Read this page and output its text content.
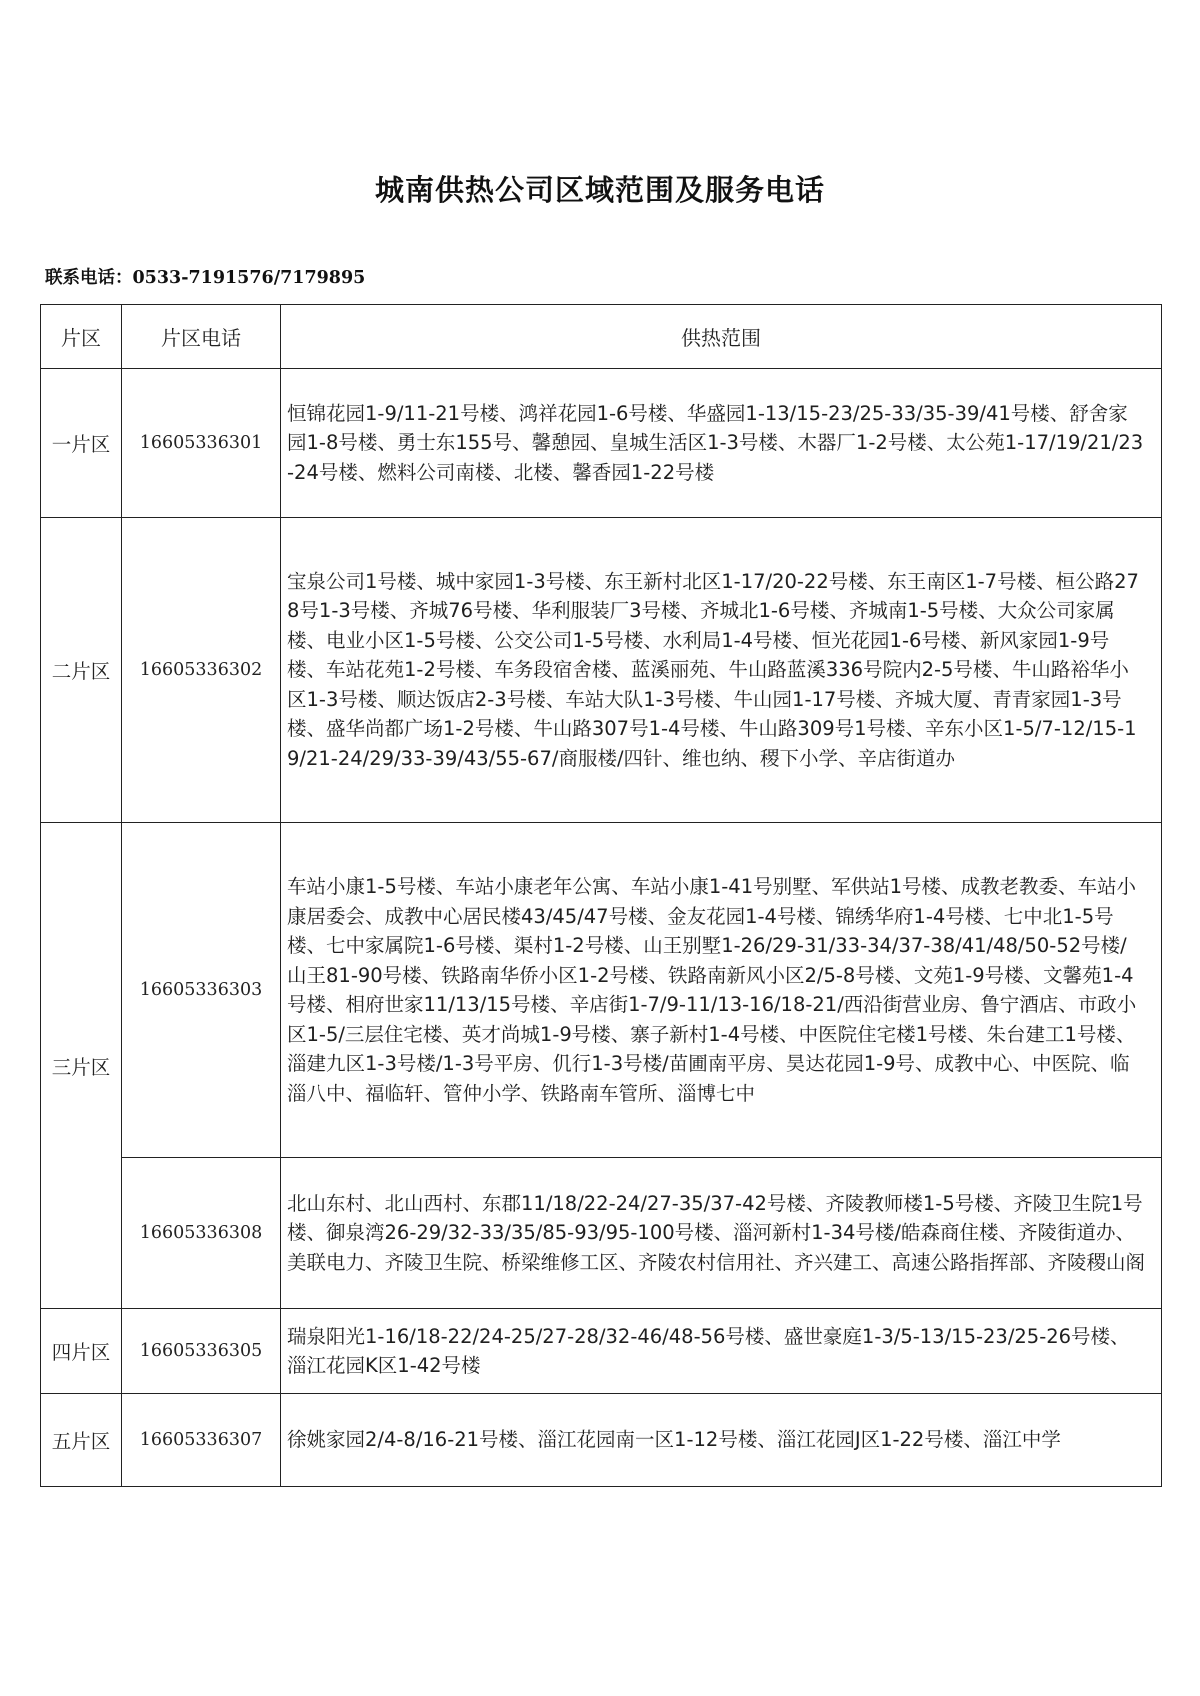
城南供热公司区域范围及服务电话
联系电话：0533-7191576/7179895
片区	片区电话	供热范围
一片区	16605336301	恒锦花园1-9/11-21号楼、鸿祥花园1-6号楼、华盛园1-13/15-23/25-33/35-39/41号楼、舒舍家园1-8号楼、勇士东155号、馨憩园、皇城生活区1-3号楼、木器厂1-2号楼、太公苑1-17/19/21/23-24号楼、燃料公司南楼、北楼、馨香园1-22号楼
二片区	16605336302	宝泉公司1号楼、城中家园1-3号楼、东王新村北区1-17/20-22号楼、东王南区1-7号楼、桓公路278号1-3号楼、齐城76号楼、华利服装厂3号楼、齐城北1-6号楼、齐城南1-5号楼、大众公司家属楼、电业小区1-5号楼、公交公司1-5号楼、水利局1-4号楼、恒光花园1-6号楼、新风家园1-9号楼、车站花苑1-2号楼、车务段宿舍楼、蓝溪丽苑、牛山路蓝溪336号院内2-5号楼、牛山路裕华小区1-3号楼、顺达饭店2-3号楼、车站大队1-3号楼、牛山园1-17号楼、齐城大厦、青青家园1-3号楼、盛华尚都广场1-2号楼、牛山路307号1-4号楼、牛山路309号1号楼、辛东小区1-5/7-12/15-19/21-24/29/33-39/43/55-67/商服楼/四针、维也纳、稷下小学、辛店街道办
三片区	16605336303	车站小康1-5号楼、车站小康老年公寓、车站小康1-41号别墅、军供站1号楼、成教老教委、车站小康居委会、成教中心居民楼43/45/47号楼、金友花园1-4号楼、锦绣华府1-4号楼、七中北1-5号楼、七中家属院1-6号楼、渠村1-2号楼、山王别墅1-26/29-31/33-34/37-38/41/48/50-52号楼/山王81-90号楼、铁路南华侨小区1-2号楼、铁路南新风小区2/5-8号楼、文苑1-9号楼、文馨苑1-4号楼、相府世家11/13/15号楼、辛店街1-7/9-11/13-16/18-21/西沿街营业房、鲁宁酒店、市政小区1-5/三层住宅楼、英才尚城1-9号楼、寨子新村1-4号楼、中医院住宅楼1号楼、朱台建工1号楼、淄建九区1-3号楼/1-3号平房、仉行1-3号楼/苗圃南平房、昊达花园1-9号、成教中心、中医院、临淄八中、福临轩、管仲小学、铁路南车管所、淄博七中
	16605336308	北山东村、北山西村、东郡11/18/22-24/27-35/37-42号楼、齐陵教师楼1-5号楼、齐陵卫生院1号楼、御泉湾26-29/32-33/35/85-93/95-100号楼、淄河新村1-34号楼/皓森商住楼、齐陵街道办、美联电力、齐陵卫生院、桥梁维修工区、齐陵农村信用社、齐兴建工、高速公路指挥部、齐陵稷山阁
四片区	16605336305	瑞泉阳光1-16/18-22/24-25/27-28/32-46/48-56号楼、盛世豪庭1-3/5-13/15-23/25-26号楼、淄江花园K区1-42号楼
五片区	16605336307	徐姚家园2/4-8/16-21号楼、淄江花园南一区1-12号楼、淄江花园J区1-22号楼、淄江中学
